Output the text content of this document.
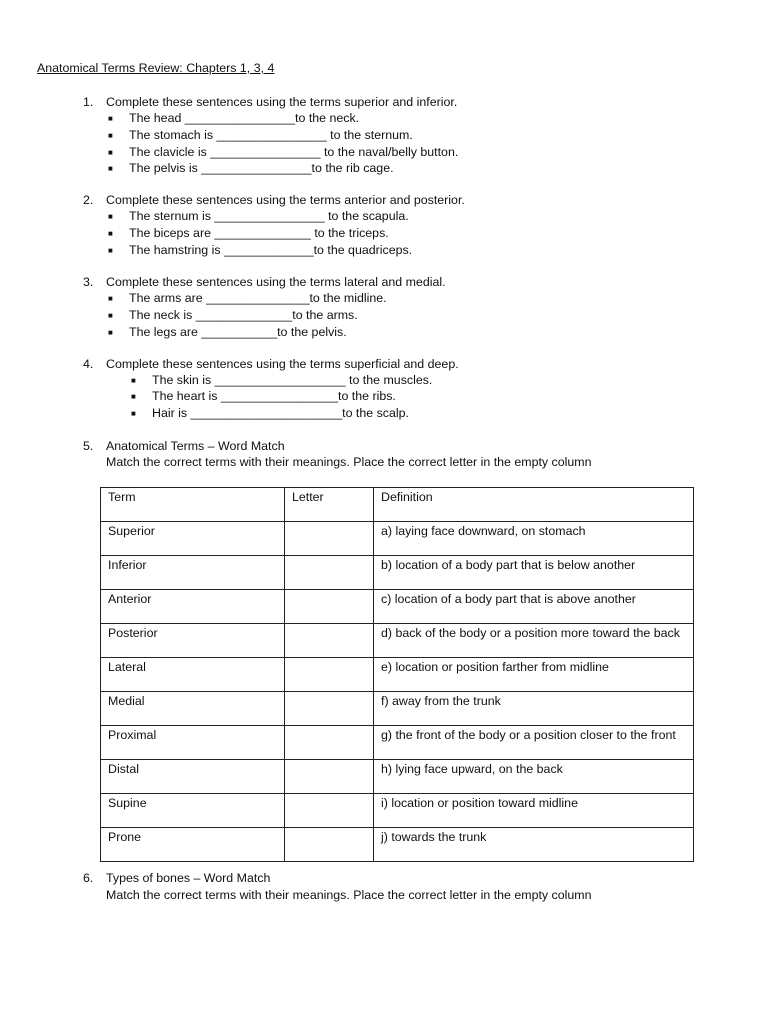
Anatomical Terms Review: Chapters 1, 3, 4
1. Complete these sentences using the terms superior and inferior.
■ The head ________________to the neck.
■ The stomach is ________________ to the sternum.
■ The clavicle is ________________ to the naval/belly button.
■ The pelvis is ________________to the rib cage.
2. Complete these sentences using the terms anterior and posterior.
■ The sternum is ________________ to the scapula.
■ The biceps are ______________ to the triceps.
■ The hamstring is _____________to the quadriceps.
3. Complete these sentences using the terms lateral and medial.
■ The arms are _______________to the midline.
■ The neck is ______________to the arms.
■ The legs are ___________to the pelvis.
4. Complete these sentences using the terms superficial and deep.
■ The skin is ___________________ to the muscles.
■ The heart is _________________to the ribs.
■ Hair is ______________________to the scalp.
5. Anatomical Terms – Word Match
Match the correct terms with their meanings. Place the correct letter in the empty column
Term	Letter	Definition
Superior		a) laying face downward, on stomach
Inferior		b) location of a body part that is below another
Anterior		c) location of a body part that is above another
Posterior		d) back of the body or a position more toward the back
Lateral		e) location or position farther from midline
Medial		f) away from the trunk
Proximal		g) the front of the body or a position closer to the front
Distal		h) lying face upward, on the back
Supine		i) location or position toward midline
Prone		j) towards the trunk
6. Types of bones – Word Match
Match the correct terms with their meanings. Place the correct letter in the empty column
